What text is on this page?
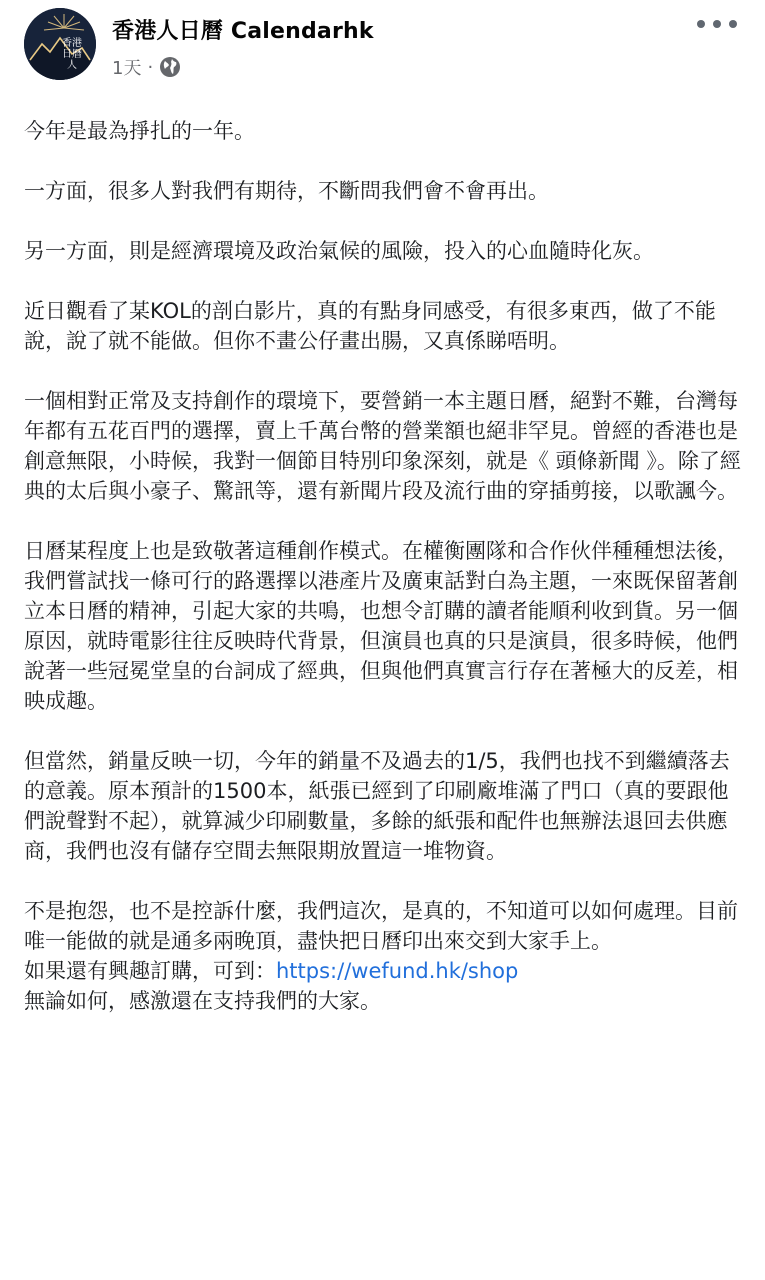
香港日曆人
香港人日曆 Calendarhk
1天 ·

今年是最為掙扎的一年。

一方面，很多人對我們有期待，不斷問我們會不會再出。

另一方面，則是經濟環境及政治氣候的風險，投入的心血隨時化灰。

近日觀看了某KOL的剖白影片，真的有點身同感受，有很多東西，做了不能說，說了就不能做。但你不畫公仔畫出腸，又真係睇唔明。

一個相對正常及支持創作的環境下，要營銷一本主題日曆，絕對不難，台灣每年都有五花百門的選擇，賣上千萬台幣的營業額也絕非罕見。曾經的香港也是創意無限，小時候，我對一個節目特別印象深刻，就是《 頭條新聞 》。除了經典的太后與小豪子、驚訊等，還有新聞片段及流行曲的穿插剪接，以歌諷今。

日曆某程度上也是致敬著這種創作模式。在權衡團隊和合作伙伴種種想法後，我們嘗試找一條可行的路選擇以港產片及廣東話對白為主題，一來既保留著創立本日曆的精神，引起大家的共鳴，也想令訂購的讀者能順利收到貨。另一個原因，就時電影往往反映時代背景，但演員也真的只是演員，很多時候，他們說著一些冠冕堂皇的台詞成了經典，但與他們真實言行存在著極大的反差，相映成趣。

但當然，銷量反映一切，今年的銷量不及過去的1/5，我們也找不到繼續落去的意義。原本預計的1500本，紙張已經到了印刷廠堆滿了門口（真的要跟他們說聲對不起），就算減少印刷數量，多餘的紙張和配件也無辦法退回去供應商，我們也沒有儲存空間去無限期放置這一堆物資。

不是抱怨，也不是控訴什麼，我們這次，是真的，不知道可以如何處理。目前唯一能做的就是通多兩晚頂，盡快把日曆印出來交到大家手上。

如果還有興趣訂購，可到：https://wefund.hk/shop

無論如何，感激還在支持我們的大家。
